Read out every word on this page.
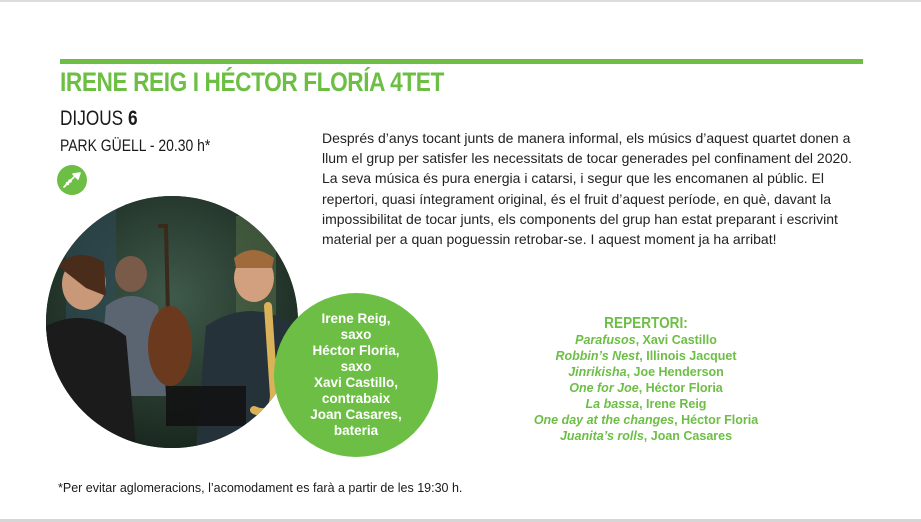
IRENE REIG I HÉCTOR FLORÍA 4TET
DIJOUS 6
PARK GÜELL - 20.30 h*

Irene Reig,
saxo
Héctor Floria,
saxo
Xavi Castillo,
contrabaix
Joan Casares,
bateria

Després d’anys tocant junts de manera informal, els músics d’aquest quartet donen a llum el grup per satisfer les necessitats de tocar generades pel confinament del 2020. La seva música és pura energia i catarsi, i segur que les encomanen al públic. El repertori, quasi íntegrament original, és el fruit d’aquest període, en què, davant la impossibilitat de tocar junts, els components del grup han estat preparant i escrivint material per a quan poguessin retrobar-se. I aquest moment ja ha arribat!

REPERTORI:
Parafusos, Xavi Castillo
Robbin’s Nest, Illinois Jacquet
Jinrikisha, Joe Henderson
One for Joe, Héctor Floria
La bassa, Irene Reig
One day at the changes, Héctor Floria
Juanita’s rolls, Joan Casares
*Per evitar aglomeracions, l’acomodament es farà a partir de les 19:30 h.
